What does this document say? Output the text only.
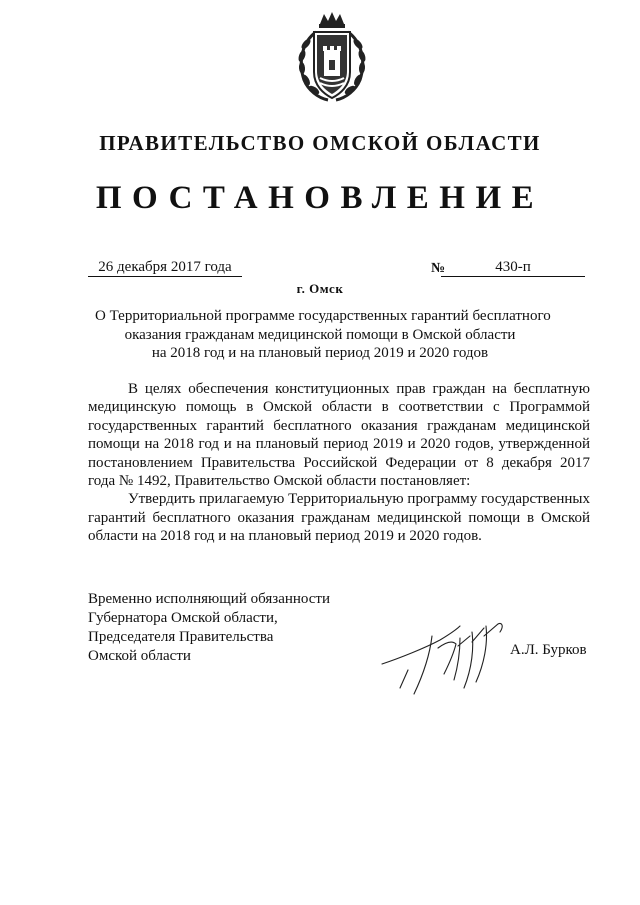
ПРАВИТЕЛЬСТВО ОМСКОЙ ОБЛАСТИ
ПОСТАНОВЛЕНИЕ
26 декабря 2017 года	№	430-п
г. Омск
О Территориальной программе государственных гарантий бесплатного
оказания гражданам медицинской помощи в Омской области
на 2018 год и на плановый период 2019 и 2020 годов

В целях обеспечения конституционных прав граждан на бесплатную медицинскую помощь в Омской области в соответствии с Программой государственных гарантий бесплатного оказания гражданам медицинской помощи на 2018 год и на плановый период 2019 и 2020 годов, утвержденной постановлением Правительства Российской Федерации от 8 декабря 2017 года № 1492, Правительство Омской области постановляет:

Утвердить прилагаемую Территориальную программу государственных гарантий бесплатного оказания гражданам медицинской помощи в Омской области на 2018 год и на плановый период 2019 и 2020 годов.

Временно исполняющий обязанности
Губернатора Омской области,
Председателя Правительства
Омской области	А.Л. Бурков
